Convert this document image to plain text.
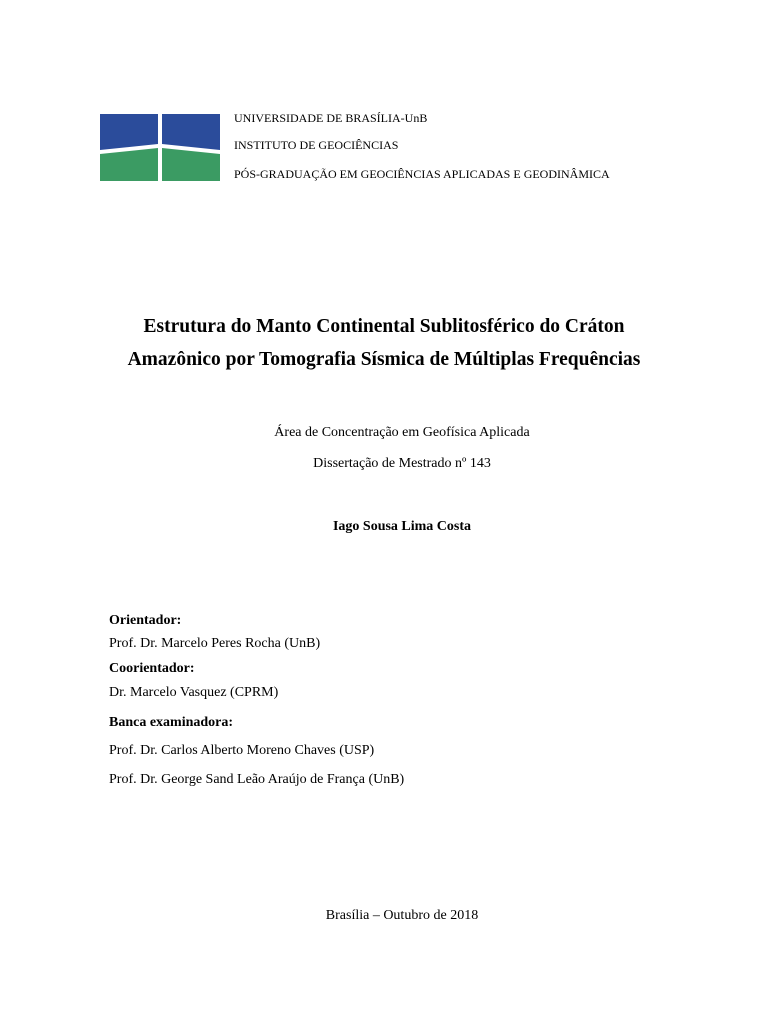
UNIVERSIDADE DE BRASÍLIA-UnB
INSTITUTO DE GEOCIÊNCIAS
PÓS-GRADUAÇÃO EM GEOCIÊNCIAS APLICADAS E GEODINÂMICA
Estrutura do Manto Continental Sublitosférico do Cráton
Amazônico por Tomografia Sísmica de Múltiplas Frequências
Área de Concentração em Geofísica Aplicada
Dissertação de Mestrado nº 143
Iago Sousa Lima Costa
Orientador:
Prof. Dr. Marcelo Peres Rocha (UnB)
Coorientador:
Dr. Marcelo Vasquez (CPRM)
Banca examinadora:
Prof. Dr. Carlos Alberto Moreno Chaves (USP)
Prof. Dr. George Sand Leão Araújo de França (UnB)
Brasília – Outubro de 2018
